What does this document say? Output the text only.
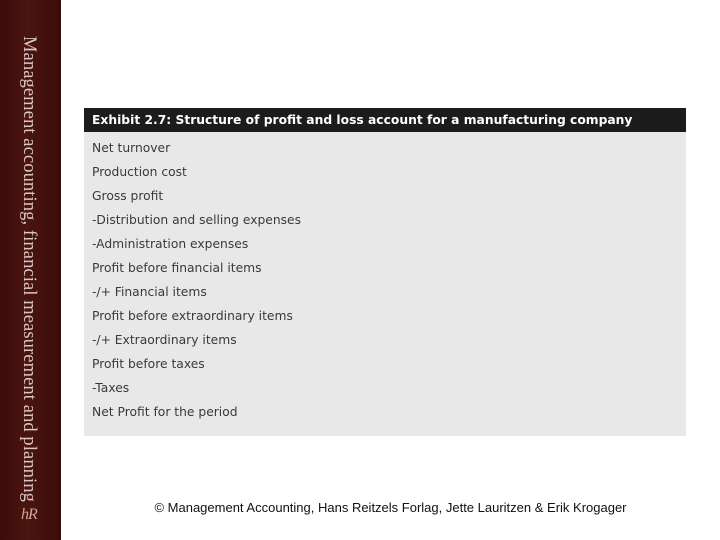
Management accounting, financial measurement and planning
hR
Exhibit 2.7: Structure of profit and loss account for a manufacturing company
Net turnover
Production cost
Gross profit
-Distribution and selling expenses
-Administration expenses
Profit before financial items
-/+ Financial items
Profit before extraordinary items
-/+ Extraordinary items
Profit before taxes
-Taxes
Net Profit for the period
© Management Accounting, Hans Reitzels Forlag, Jette Lauritzen & Erik Krogager
